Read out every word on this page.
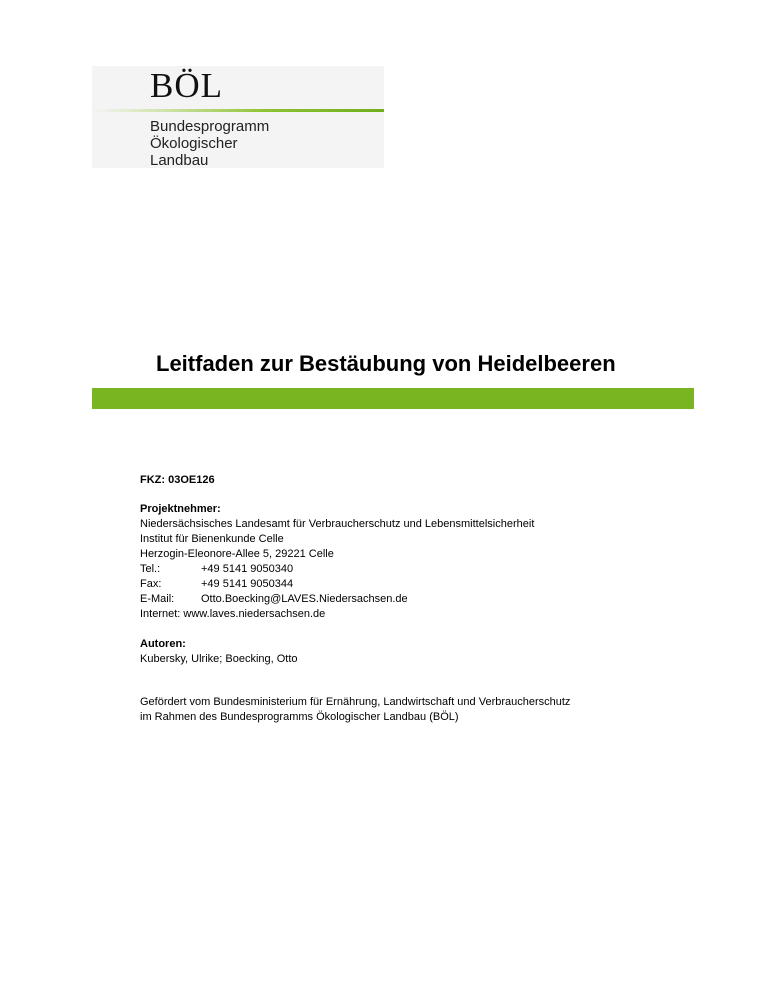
BÖL
Bundesprogramm
Ökologischer
Landbau
Leitfaden zur Bestäubung von Heidelbeeren
FKZ: 03OE126
Projektnehmer:
Niedersächsisches Landesamt für Verbraucherschutz und Lebensmittelsicherheit
Institut für Bienenkunde Celle
Herzogin-Eleonore-Allee 5, 29221 Celle
Tel.:	+49 5141 9050340
Fax:	+49 5141 9050344
E-Mail:	Otto.Boecking@LAVES.Niedersachsen.de
Internet: www.laves.niedersachsen.de
Autoren:
Kubersky, Ulrike; Boecking, Otto
Gefördert vom Bundesministerium für Ernährung, Landwirtschaft und Verbraucherschutz
im Rahmen des Bundesprogramms Ökologischer Landbau (BÖL)
